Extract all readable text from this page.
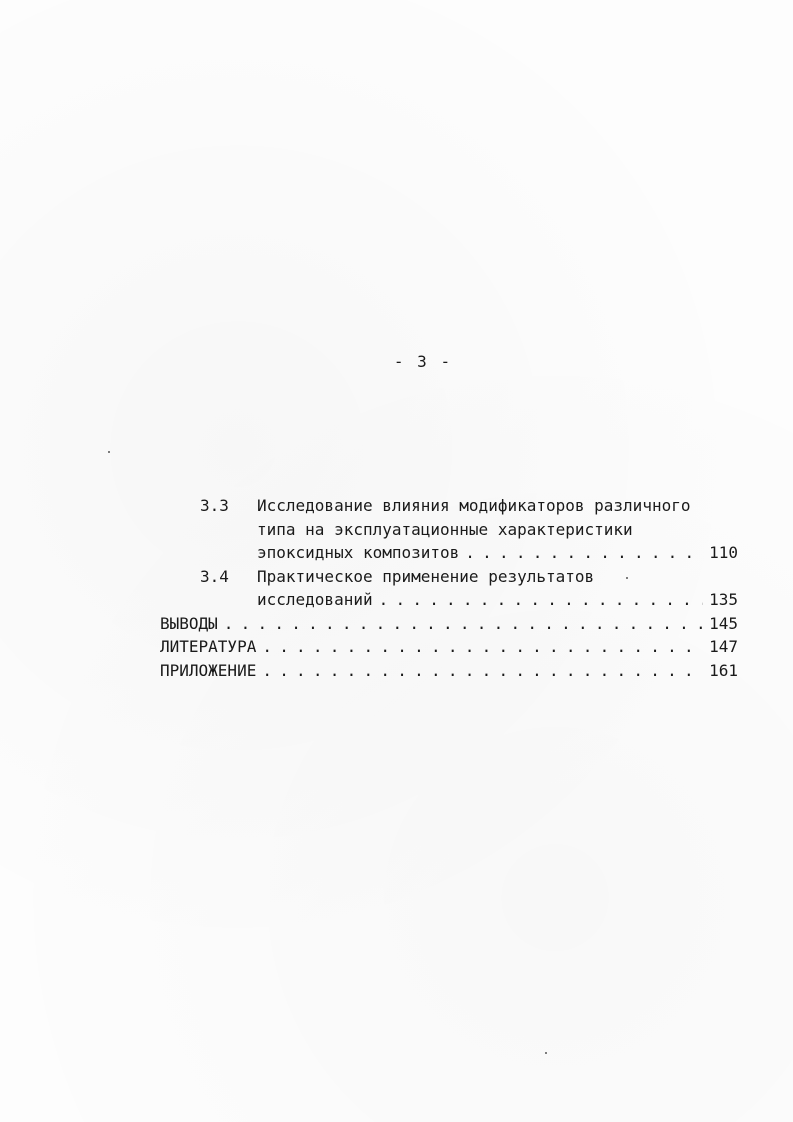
- 3 -
3.3 Исследование влияния модификаторов различного
типа на эксплуатационные характеристики
эпоксидных композитов . . .	110
3.4 Практическое применение результатов
исследований . . .	135
ВЫВОДЫ . . .	145
ЛИТЕРАТУРА . . .	147
ПРИЛОЖЕНИЕ . . .	161
